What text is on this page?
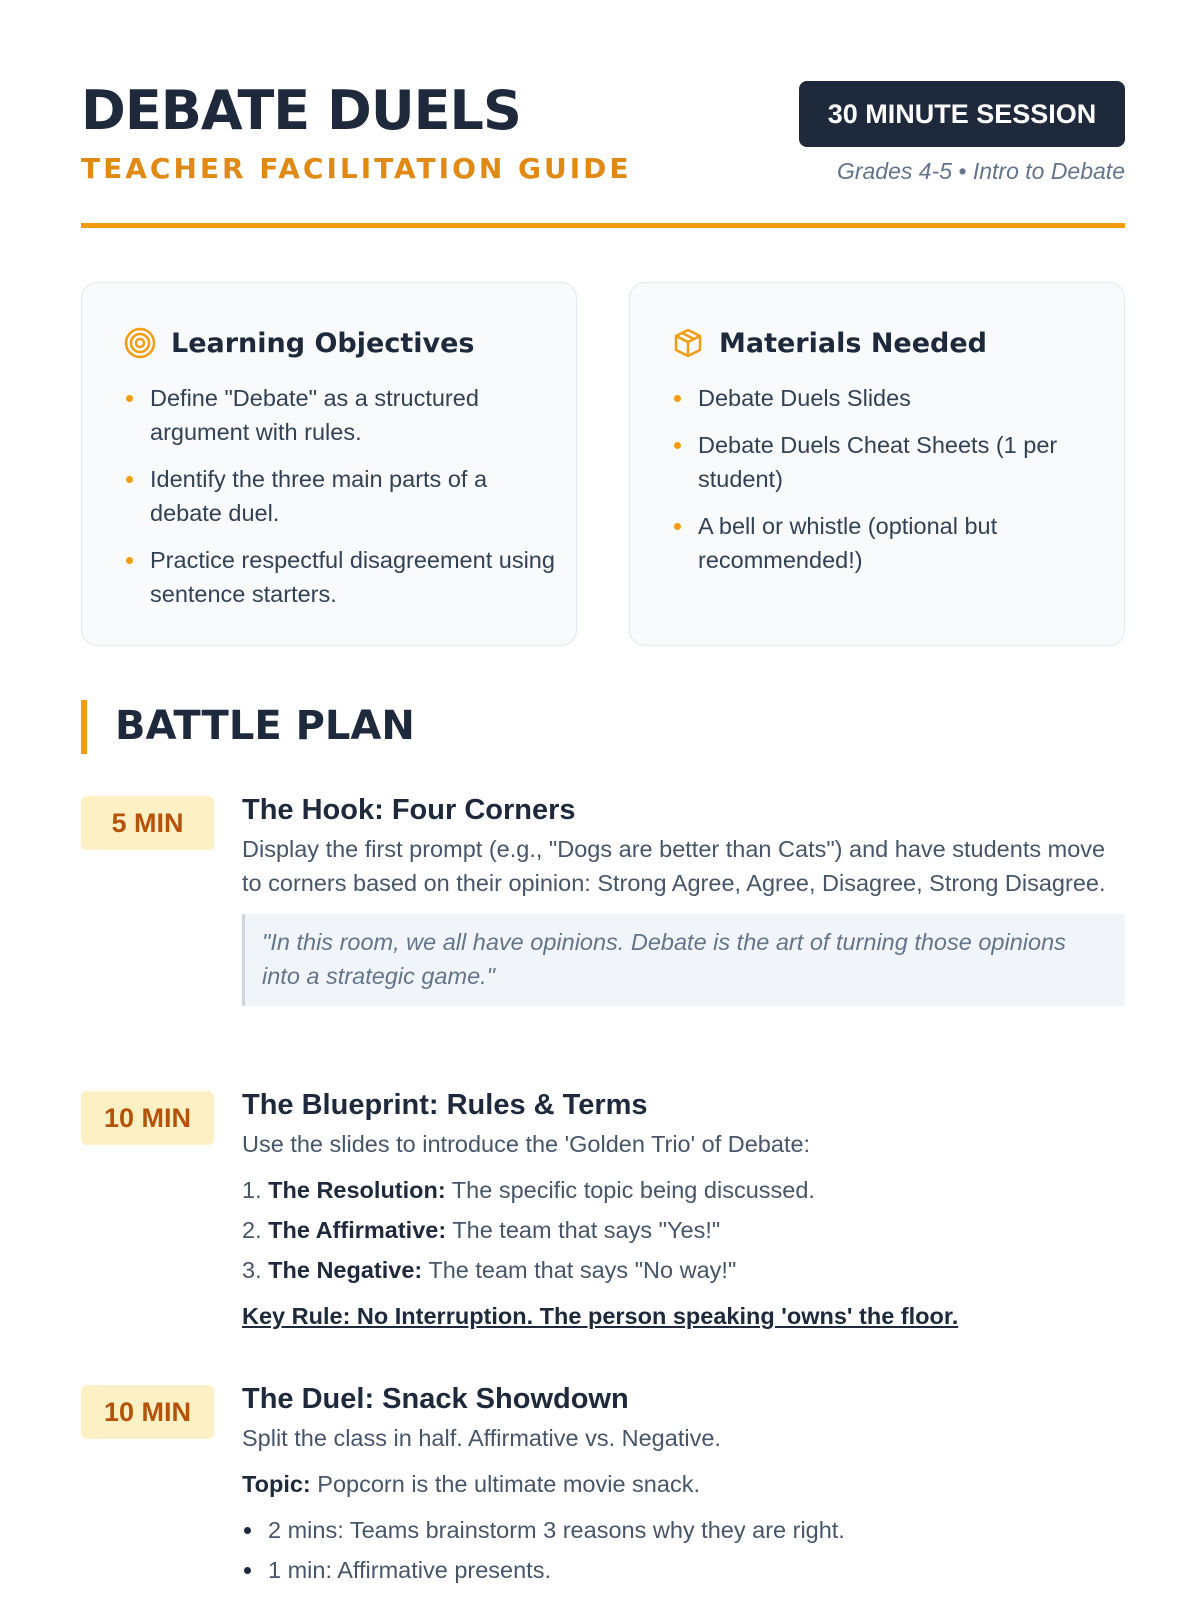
DEBATE DUELS
TEACHER FACILITATION GUIDE
30 MINUTE SESSION
Grades 4-5 • Intro to Debate
Learning Objectives
Define "Debate" as a structured argument with rules.
Identify the three main parts of a debate duel.
Practice respectful disagreement using sentence starters.
Materials Needed
Debate Duels Slides
Debate Duels Cheat Sheets (1 per student)
A bell or whistle (optional but recommended!)
BATTLE PLAN
5 MIN	The Hook: Four Corners
Display the first prompt (e.g., "Dogs are better than Cats") and have students move to corners based on their opinion: Strong Agree, Agree, Disagree, Strong Disagree.
"In this room, we all have opinions. Debate is the art of turning those opinions into a strategic game."
10 MIN	The Blueprint: Rules & Terms
Use the slides to introduce the 'Golden Trio' of Debate:
1. The Resolution: The specific topic being discussed.
2. The Affirmative: The team that says "Yes!"
3. The Negative: The team that says "No way!"
Key Rule: No Interruption. The person speaking 'owns' the floor.
10 MIN	The Duel: Snack Showdown
Split the class in half. Affirmative vs. Negative.
Topic: Popcorn is the ultimate movie snack.
2 mins: Teams brainstorm 3 reasons why they are right.
1 min: Affirmative presents.
